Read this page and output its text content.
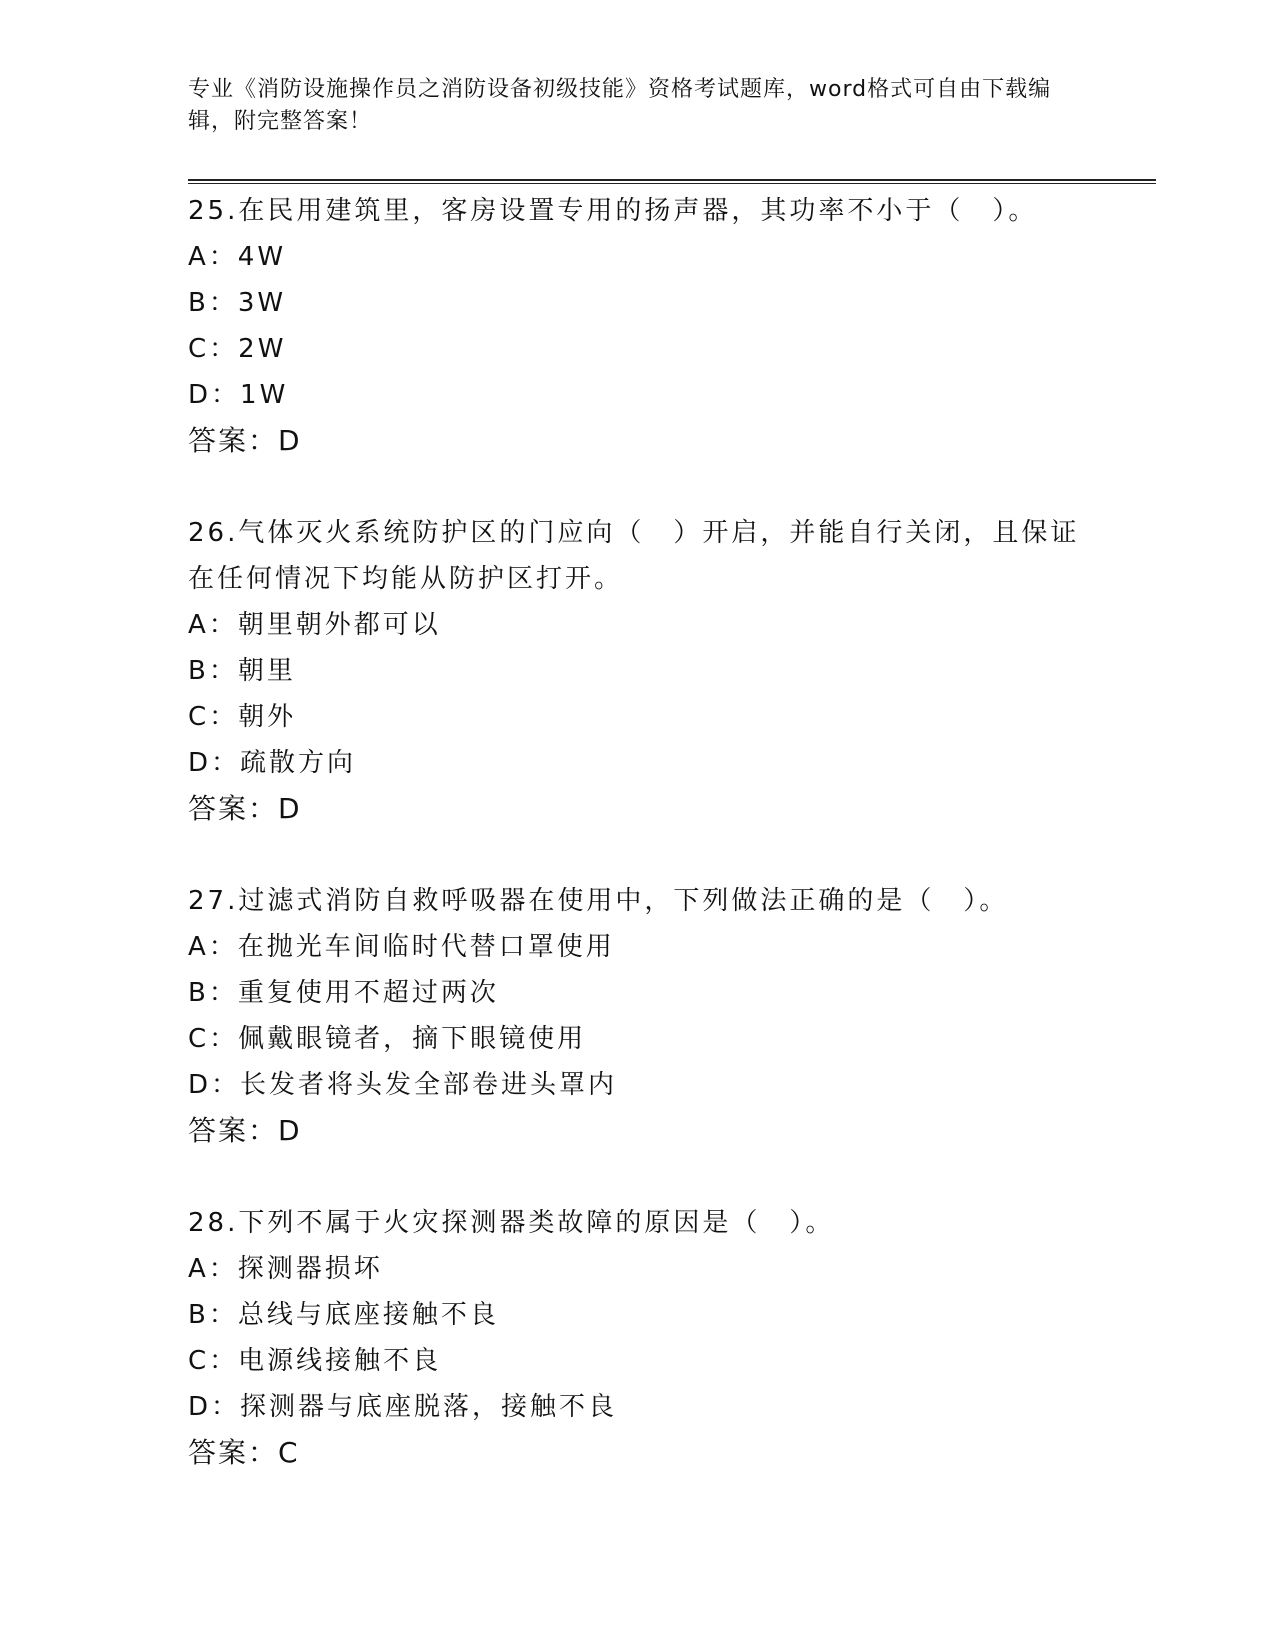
专业《消防设施操作员之消防设备初级技能》资格考试题库，word格式可自由下载编辑，附完整答案！

25.在民用建筑里，客房设置专用的扬声器，其功率不小于（　）。

A：4W

B：3W

C：2W

D：1W

答案：D

26.气体灭火系统防护区的门应向（　）开启，并能自行关闭，且保证在任何情况下均能从防护区打开。

A：朝里朝外都可以

B：朝里

C：朝外

D：疏散方向

答案：D

27.过滤式消防自救呼吸器在使用中，下列做法正确的是（　）。

A：在抛光车间临时代替口罩使用

B：重复使用不超过两次

C：佩戴眼镜者，摘下眼镜使用

D：长发者将头发全部卷进头罩内

答案：D

28.下列不属于火灾探测器类故障的原因是（　）。

A：探测器损坏

B：总线与底座接触不良

C：电源线接触不良

D：探测器与底座脱落，接触不良

答案：C
